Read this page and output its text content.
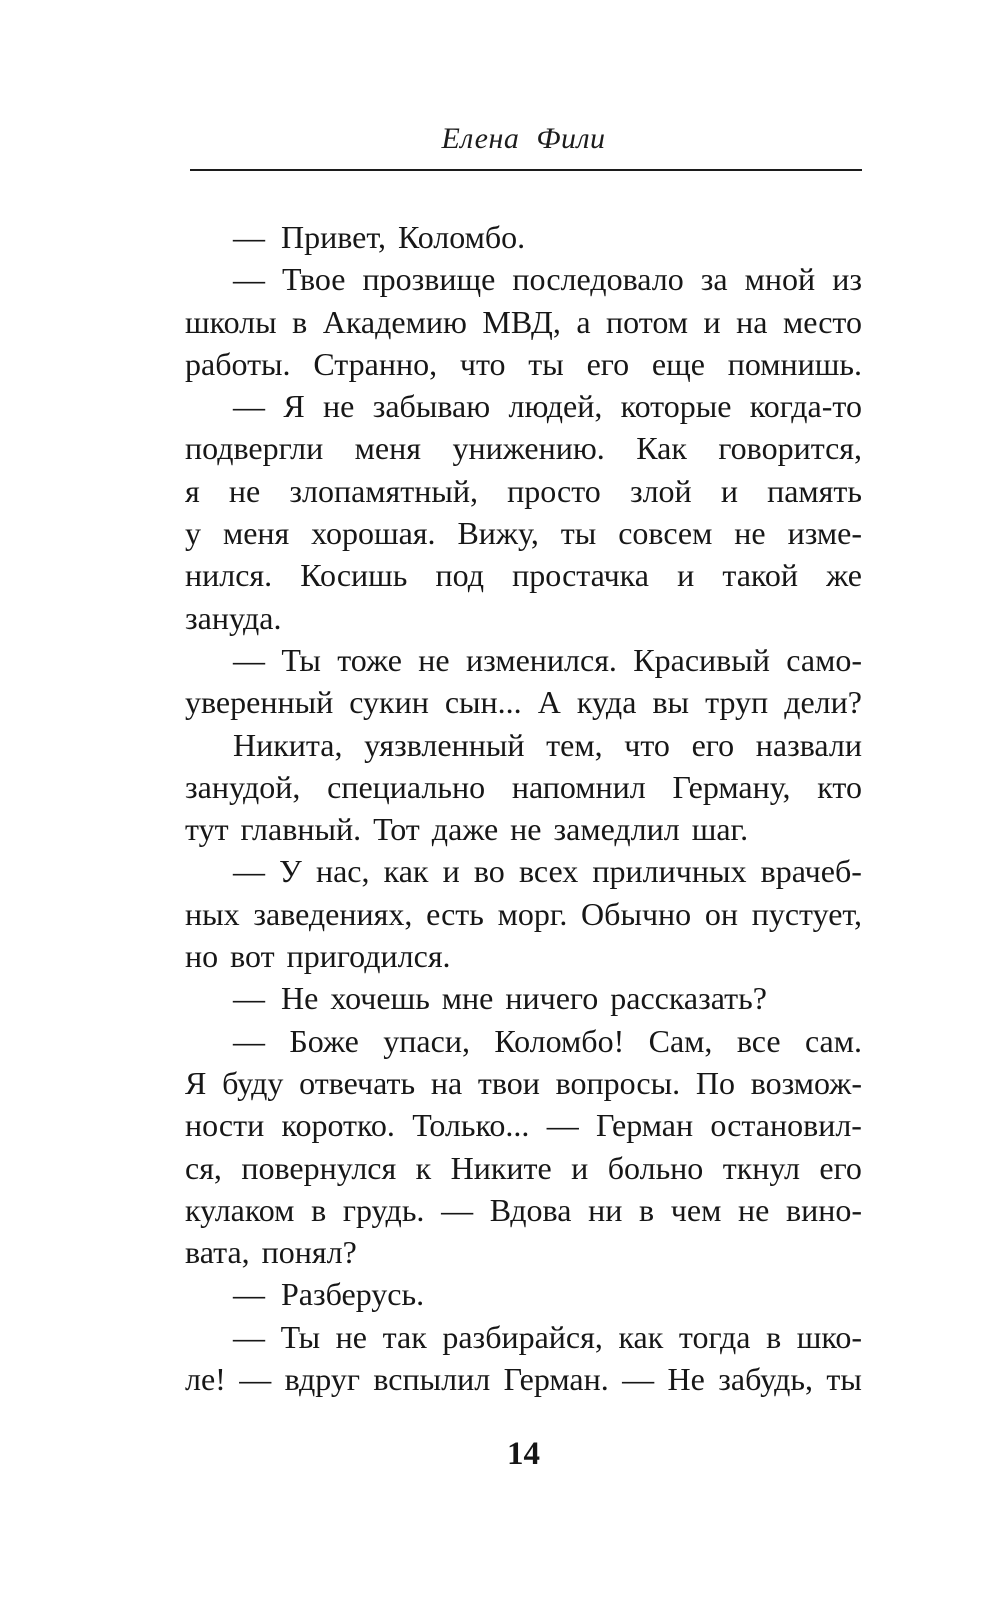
Елена Фили
— Привет, Коломбо.
— Твое прозвище последовало за мной из
школы в Академию МВД, а потом и на место
работы. Странно, что ты его еще помнишь.
— Я не забываю людей, которые когда-то
подвергли меня унижению. Как говорится,
я не злопамятный, просто злой и память
у меня хорошая. Вижу, ты совсем не изме-
нился. Косишь под простачка и такой же
зануда.
— Ты тоже не изменился. Красивый само-
уверенный сукин сын... А куда вы труп дели?
Никита, уязвленный тем, что его назвали
занудой, специально напомнил Герману, кто
тут главный. Тот даже не замедлил шаг.
— У нас, как и во всех приличных врачеб-
ных заведениях, есть морг. Обычно он пустует,
но вот пригодился.
— Не хочешь мне ничего рассказать?
— Боже упаси, Коломбо! Сам, все сам.
Я буду отвечать на твои вопросы. По возмож-
ности коротко. Только... — Герман остановил-
ся, повернулся к Никите и больно ткнул его
кулаком в грудь. — Вдова ни в чем не вино-
вата, понял?
— Разберусь.
— Ты не так разбирайся, как тогда в шко-
ле! — вдруг вспылил Герман. — Не забудь, ты
14
